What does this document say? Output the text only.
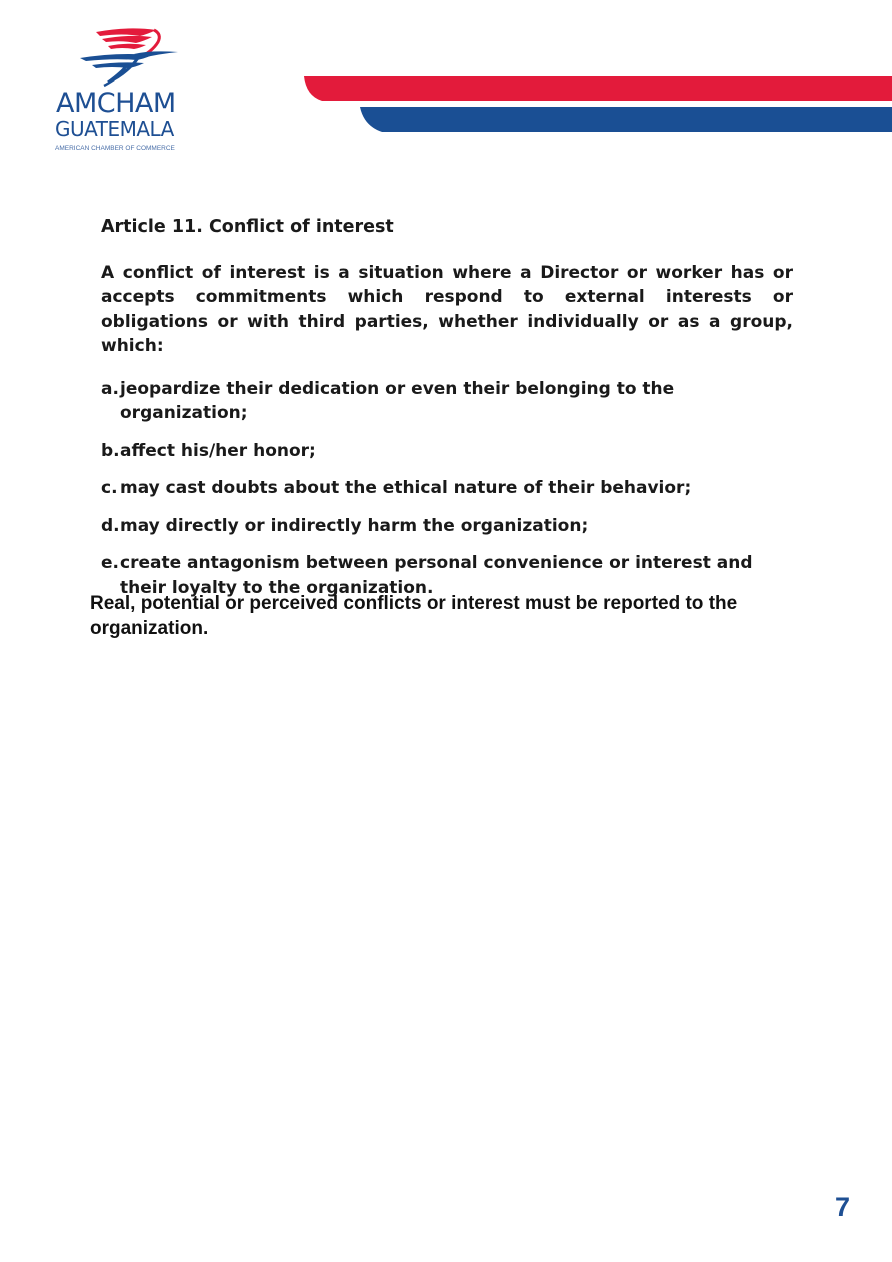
AMCHAM
GUATEMALA
AMERICAN CHAMBER OF COMMERCE
Article 11. Conflict of interest

A conflict of interest is a situation where a Director or worker has or accepts commitments which respond to external interests or obligations or with third parties, whether individually or as a group, which:

a. jeopardize their dedication or even their belonging to the organization;
b. affect his/her honor;
c. may cast doubts about the ethical nature of their behavior;
d. may directly or indirectly harm the organization;
e. create antagonism between personal convenience or interest and their loyalty to the organization.

Real, potential or perceived conflicts or interest must be reported to the organization.

7
